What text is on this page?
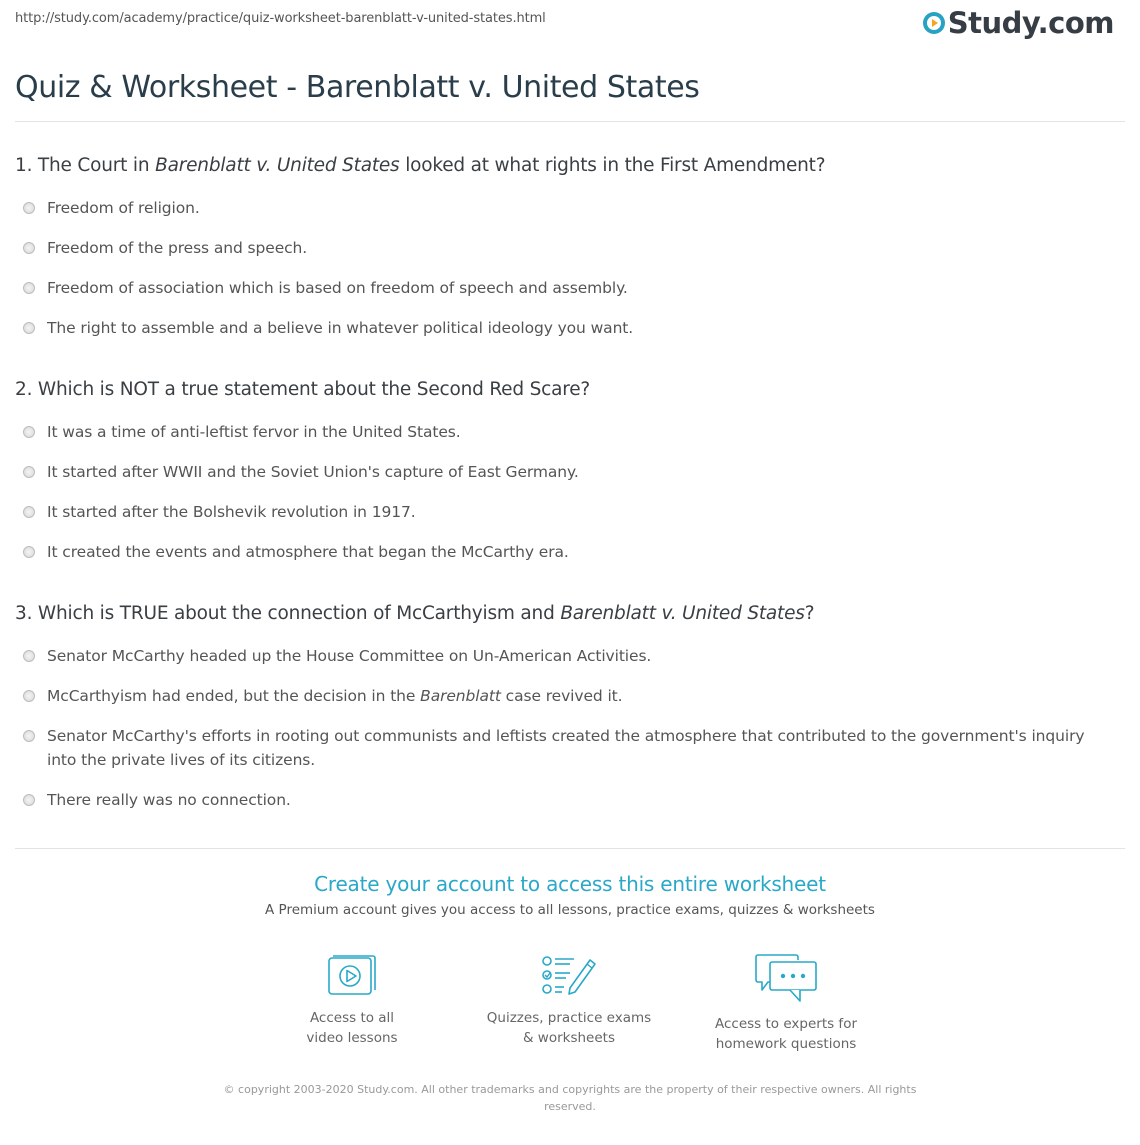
http://study.com/academy/practice/quiz-worksheet-barenblatt-v-united-states.html	Study.com
Quiz & Worksheet - Barenblatt v. United States
1. The Court in Barenblatt v. United States looked at what rights in the First Amendment?
Freedom of religion.
Freedom of the press and speech.
Freedom of association which is based on freedom of speech and assembly.
The right to assemble and a believe in whatever political ideology you want.
2. Which is NOT a true statement about the Second Red Scare?
It was a time of anti-leftist fervor in the United States.
It started after WWII and the Soviet Union's capture of East Germany.
It started after the Bolshevik revolution in 1917.
It created the events and atmosphere that began the McCarthy era.
3. Which is TRUE about the connection of McCarthyism and Barenblatt v. United States?
Senator McCarthy headed up the House Committee on Un-American Activities.
McCarthyism had ended, but the decision in the Barenblatt case revived it.
Senator McCarthy's efforts in rooting out communists and leftists created the atmosphere that contributed to the government's inquiry into the private lives of its citizens.
There really was no connection.
Create your account to access this entire worksheet
A Premium account gives you access to all lessons, practice exams, quizzes & worksheets
Access to all
video lessons
Quizzes, practice exams
& worksheets
Access to experts for
homework questions
© copyright 2003-2020 Study.com. All other trademarks and copyrights are the property of their respective owners. All rights reserved.
